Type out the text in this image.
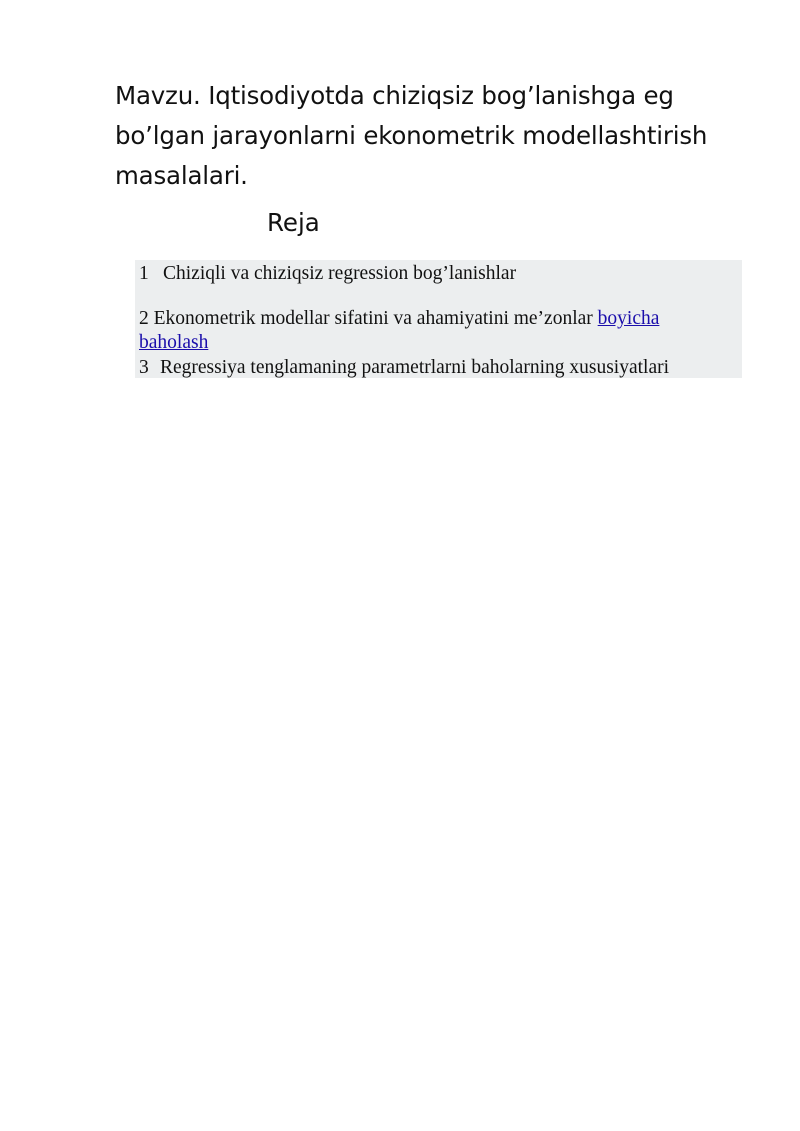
Mavzu. Iqtisodiyotda chiziqsiz bog’lanishga eg bo’lgan jarayonlarni ekonometrik modellashtirish masalalari.
Reja

1 Chiziqli va chiziqsiz regression bog’lanishlar

2 Ekonometrik modellar sifatini va ahamiyatini me’zonlar boyicha
baholash

3 Regressiya tenglamaning parametrlarni baholarning xususiyatlari
